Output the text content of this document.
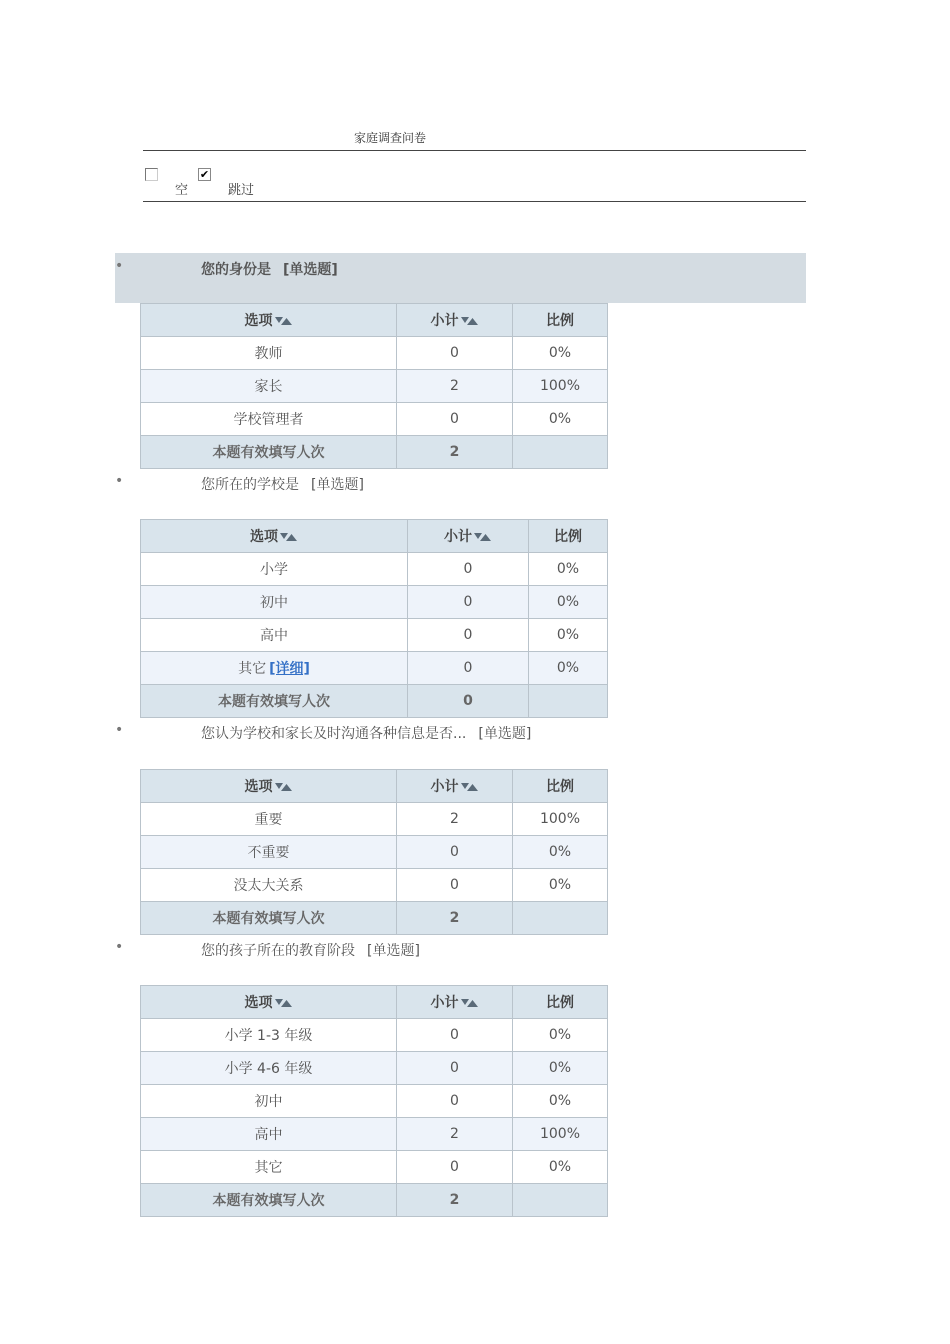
家庭调查问卷
空
✔
跳过
•	您的身份是 [单选题]
选项	小计	比例
教师	0	0%
家长	2	100%
学校管理者	0	0%
本题有效填写人次	2	
•	您所在的学校是 [单选题]
选项	小计	比例
小学	0	0%
初中	0	0%
高中	0	0%
其它 [详细]	0	0%
本题有效填写人次	0	
•	您认为学校和家长及时沟通各种信息是否... [单选题]
选项	小计	比例
重要	2	100%
不重要	0	0%
没太大关系	0	0%
本题有效填写人次	2	
•	您的孩子所在的教育阶段 [单选题]
选项	小计	比例
小学 1-3 年级	0	0%
小学 4-6 年级	0	0%
初中	0	0%
高中	2	100%
其它	0	0%
本题有效填写人次	2	
